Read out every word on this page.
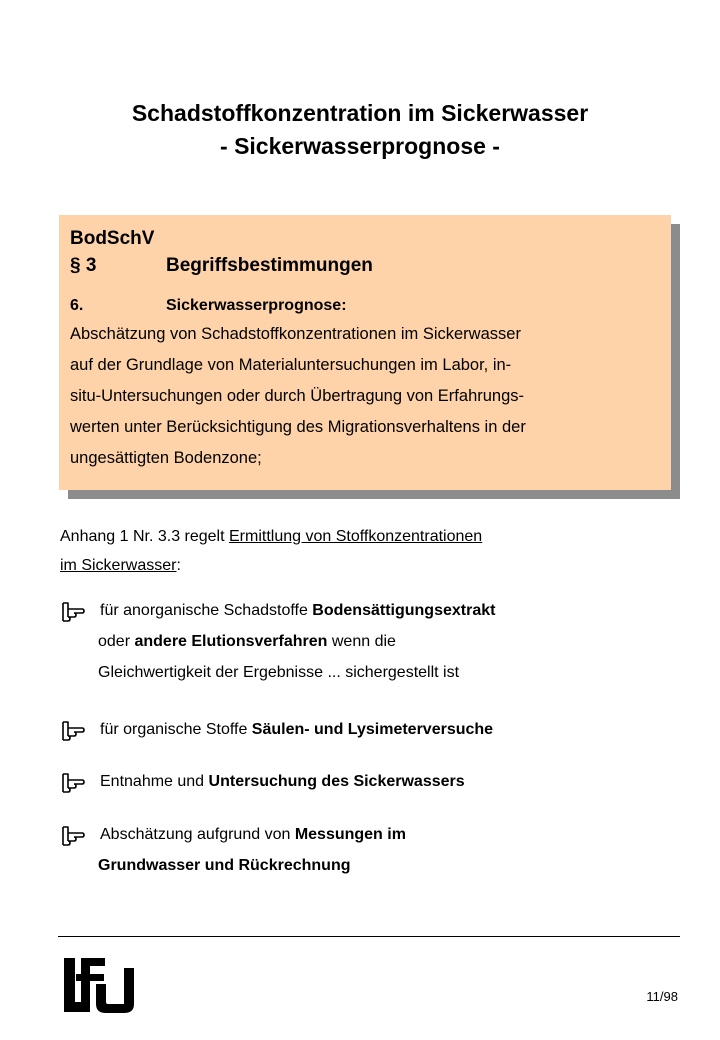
Schadstoffkonzentration im Sickerwasser
- Sickerwasserprognose -
BodSchV
§ 3	Begriffsbestimmungen
6.	Sickerwasserprognose:
Abschätzung von Schadstoffkonzentrationen im Sickerwasser
auf der Grundlage von Materialuntersuchungen im Labor, in-
situ-Untersuchungen oder durch Übertragung von Erfahrungs-
werten unter Berücksichtigung des Migrationsverhaltens in der
ungesättigten Bodenzone;
Anhang 1 Nr. 3.3 regelt Ermittlung von Stoffkonzentrationen
im Sickerwasser:
für anorganische Schadstoffe Bodensättigungsextrakt
oder andere Elutionsverfahren wenn die
Gleichwertigkeit der Ergebnisse ... sichergestellt ist
für organische Stoffe Säulen- und Lysimeterversuche
Entnahme und Untersuchung des Sickerwassers
Abschätzung aufgrund von Messungen im
Grundwasser und Rückrechnung
11/98
